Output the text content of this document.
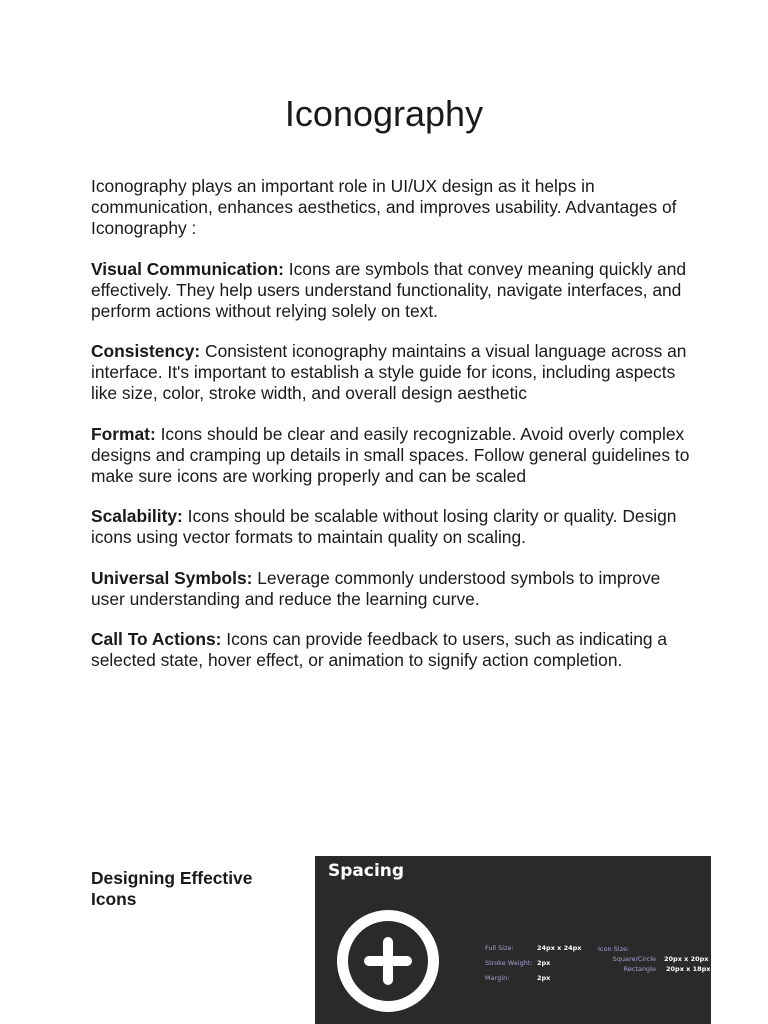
Iconography

Iconography plays an important role in UI/UX design as it helps in communication, enhances aesthetics, and improves usability. Advantages of Iconography :

Visual Communication: Icons are symbols that convey meaning quickly and effectively. They help users understand functionality, navigate interfaces, and perform actions without relying solely on text.

Consistency: Consistent iconography maintains a visual language across an interface. It's important to establish a style guide for icons, including aspects like size, color, stroke width, and overall design aesthetic

Format: Icons should be clear and easily recognizable. Avoid overly complex designs and cramping up details in small spaces. Follow general guidelines to make sure icons are working properly and can be scaled

Scalability: Icons should be scalable without losing clarity or quality. Design icons using vector formats to maintain quality on scaling.

Universal Symbols: Leverage commonly understood symbols to improve user understanding and reduce the learning curve.

Call To Actions: Icons can provide feedback to users, such as indicating a selected state, hover effect, or animation to signify action completion.

Designing Effective Icons
Spacing
Full Size:	24px x 24px
Stroke Weight: 2px
Margin:	2px
Icon Size:
Square/Circle 20px x 20px
Rectangle 20px x 18px
